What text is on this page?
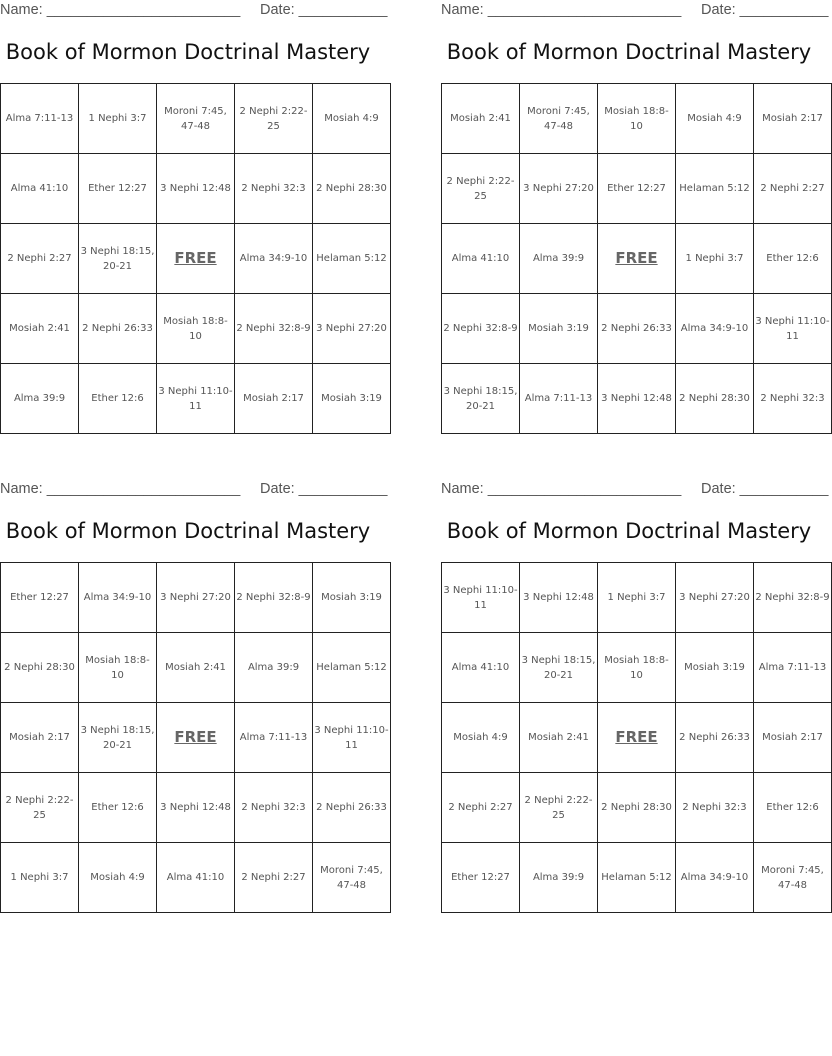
Name: ________________________ Date: ___________
Book of Mormon Doctrinal Mastery
Alma 7:11-13	1 Nephi 3:7	Moroni 7:45, 47-48	2 Nephi 2:22-25	Mosiah 4:9
Alma 41:10	Ether 12:27	3 Nephi 12:48	2 Nephi 32:3	2 Nephi 28:30
2 Nephi 2:27	3 Nephi 18:15, 20-21	FREE	Alma 34:9-10	Helaman 5:12
Mosiah 2:41	2 Nephi 26:33	Mosiah 18:8-10	2 Nephi 32:8-9	3 Nephi 27:20
Alma 39:9	Ether 12:6	3 Nephi 11:10-11	Mosiah 2:17	Mosiah 3:19
Name: ________________________ Date: ___________
Book of Mormon Doctrinal Mastery
Mosiah 2:41	Moroni 7:45, 47-48	Mosiah 18:8-10	Mosiah 4:9	Mosiah 2:17
2 Nephi 2:22-25	3 Nephi 27:20	Ether 12:27	Helaman 5:12	2 Nephi 2:27
Alma 41:10	Alma 39:9	FREE	1 Nephi 3:7	Ether 12:6
2 Nephi 32:8-9	Mosiah 3:19	2 Nephi 26:33	Alma 34:9-10	3 Nephi 11:10-11
3 Nephi 18:15, 20-21	Alma 7:11-13	3 Nephi 12:48	2 Nephi 28:30	2 Nephi 32:3
Name: ________________________ Date: ___________
Book of Mormon Doctrinal Mastery
Ether 12:27	Alma 34:9-10	3 Nephi 27:20	2 Nephi 32:8-9	Mosiah 3:19
2 Nephi 28:30	Mosiah 18:8-10	Mosiah 2:41	Alma 39:9	Helaman 5:12
Mosiah 2:17	3 Nephi 18:15, 20-21	FREE	Alma 7:11-13	3 Nephi 11:10-11
2 Nephi 2:22-25	Ether 12:6	3 Nephi 12:48	2 Nephi 32:3	2 Nephi 26:33
1 Nephi 3:7	Mosiah 4:9	Alma 41:10	2 Nephi 2:27	Moroni 7:45, 47-48
Name: ________________________ Date: ___________
Book of Mormon Doctrinal Mastery
3 Nephi 11:10-11	3 Nephi 12:48	1 Nephi 3:7	3 Nephi 27:20	2 Nephi 32:8-9
Alma 41:10	3 Nephi 18:15, 20-21	Mosiah 18:8-10	Mosiah 3:19	Alma 7:11-13
Mosiah 4:9	Mosiah 2:41	FREE	2 Nephi 26:33	Mosiah 2:17
2 Nephi 2:27	2 Nephi 2:22-25	2 Nephi 28:30	2 Nephi 32:3	Ether 12:6
Ether 12:27	Alma 39:9	Helaman 5:12	Alma 34:9-10	Moroni 7:45, 47-48
